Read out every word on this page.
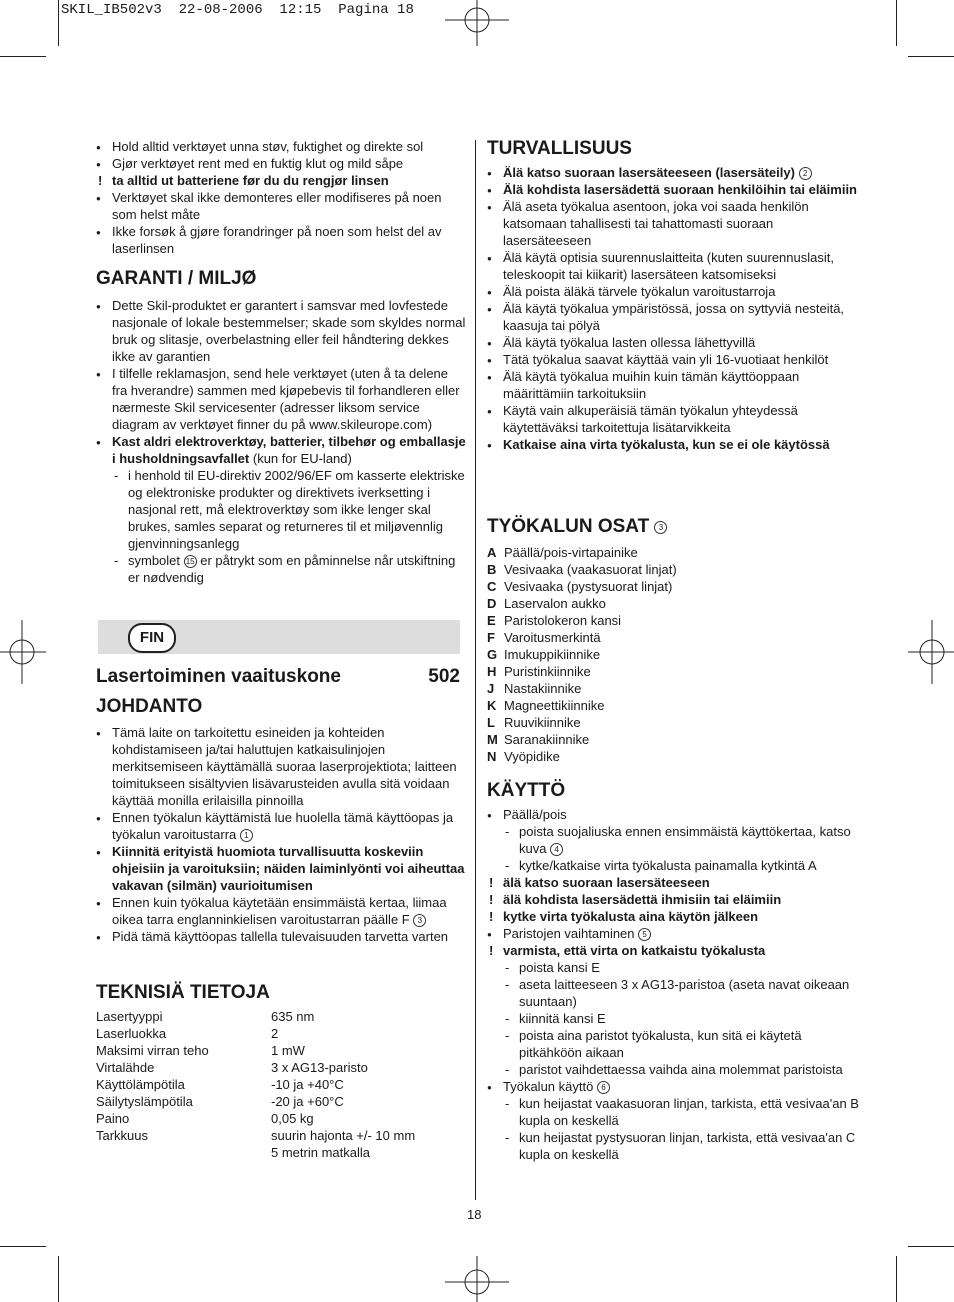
SKIL_IB502v3  22-08-2006  12:15  Pagina 18
● Hold alltid verktøyet unna støv, fuktighet og direkte sol
● Gjør verktøyet rent med en fuktig klut og mild såpe
! ta alltid ut batteriene før du du rengjør linsen
● Verktøyet skal ikke demonteres eller modifiseres på noen som helst måte
● Ikke forsøk å gjøre forandringer på noen som helst del av laserlinsen

GARANTI / MILJØ

● Dette Skil-produktet er garantert i samsvar med lovfestede nasjonale of lokale bestemmelser; skade som skyldes normal bruk og slitasje, overbelastning eller feil håndtering dekkes ikke av garantien
● I tilfelle reklamasjon, send hele verktøyet (uten å ta delene fra hverandre) sammen med kjøpebevis til forhandleren eller nærmeste Skil servicesenter (adresser liksom service diagram av verktøyet finner du på www.skileurope.com)
● Kast aldri elektroverktøy, batterier, tilbehør og emballasje i husholdningsavfallet (kun for EU-land)
- i henhold til EU-direktiv 2002/96/EF om kasserte elektriske og elektroniske produkter og direktivets iverksetting i nasjonal rett, må elektroverktøy som ikke lenger skal brukes, samles separat og returneres til et miljøvennlig gjenvinningsanlegg
- symbolet 15 er påtrykt som en påminnelse når utskiftning er nødvendig
FIN
Lasertoiminen vaaituskone	502

JOHDANTO

● Tämä laite on tarkoitettu esineiden ja kohteiden kohdistamiseen ja/tai haluttujen katkaisulinjojen merkitsemiseen käyttämällä suoraa laserprojektiota; laitteen toimitukseen sisältyvien lisävarusteiden avulla sitä voidaan käyttää monilla erilaisilla pinnoilla
● Ennen työkalun käyttämistä lue huolella tämä käyttöopas ja työkalun varoitustarra 1
● Kiinnitä erityistä huomiota turvallisuutta koskeviin ohjeisiin ja varoituksiin; näiden laiminlyönti voi aiheuttaa vakavan (silmän) vaurioitumisen
● Ennen kuin työkalua käytetään ensimmäistä kertaa, liimaa oikea tarra englanninkielisen varoitustarran päälle F 3
● Pidä tämä käyttöopas tallella tulevaisuuden tarvetta varten

TEKNISIÄ TIETOJA

Lasertyyppi	635 nm
Laserluokka	2
Maksimi virran teho	1 mW
Virtalähde	3 x AG13-paristo
Käyttölämpötila	-10 ja +40°C
Säilytyslämpötila	-20 ja +60°C
Paino	0,05 kg
Tarkkuus	suurin hajonta +/- 10 mm
5 metrin matkalla

TURVALLISUUS

● Älä katso suoraan lasersäteeseen (lasersäteily) 2
● Älä kohdista lasersädettä suoraan henkilöihin tai eläimiin
● Älä aseta työkalua asentoon, joka voi saada henkilön katsomaan tahallisesti tai tahattomasti suoraan lasersäteeseen
● Älä käytä optisia suurennuslaitteita (kuten suurennuslasit, teleskoopit tai kiikarit) lasersäteen katsomiseksi
● Älä poista äläkä tärvele työkalun varoitustarroja
● Älä käytä työkalua ympäristössä, jossa on syttyviä nesteitä, kaasuja tai pölyä
● Älä käytä työkalua lasten ollessa lähettyvillä
● Tätä työkalua saavat käyttää vain yli 16-vuotiaat henkilöt
● Älä käytä työkalua muihin kuin tämän käyttöoppaan määrittämiin tarkoituksiin
● Käytä vain alkuperäisiä tämän työkalun yhteydessä käytettäväksi tarkoitettuja lisätarvikkeita
● Katkaise aina virta työkalusta, kun se ei ole käytössä

TYÖKALUN OSAT 3

A Päällä/pois-virtapainike
B Vesivaaka (vaakasuorat linjat)
C Vesivaaka (pystysuorat linjat)
D Laservalon aukko
E Paristolokeron kansi
F Varoitusmerkintä
G Imukuppikiinnike
H Puristinkiinnike
J Nastakiinnike
K Magneettikiinnike
L Ruuvikiinnike
M Saranakiinnike
N Vyöpidike

KÄYTTÖ

● Päällä/pois
- poista suojaliuska ennen ensimmäistä käyttökertaa, katso kuva 4
- kytke/katkaise virta työkalusta painamalla kytkintä A
! älä katso suoraan lasersäteeseen
! älä kohdista lasersädettä ihmisiin tai eläimiin
! kytke virta työkalusta aina käytön jälkeen
● Paristojen vaihtaminen 5
! varmista, että virta on katkaistu työkalusta
- poista kansi E
- aseta laitteeseen 3 x AG13-paristoa (aseta navat oikeaan suuntaan)
- kiinnitä kansi E
- poista aina paristot työkalusta, kun sitä ei käytetä pitkähköön aikaan
- paristot vaihdettaessa vaihda aina molemmat paristoista
● Työkalun käyttö 6
- kun heijastat vaakasuoran linjan, tarkista, että vesivaa'an B kupla on keskellä
- kun heijastat pystysuoran linjan, tarkista, että vesivaa'an C kupla on keskellä
18
